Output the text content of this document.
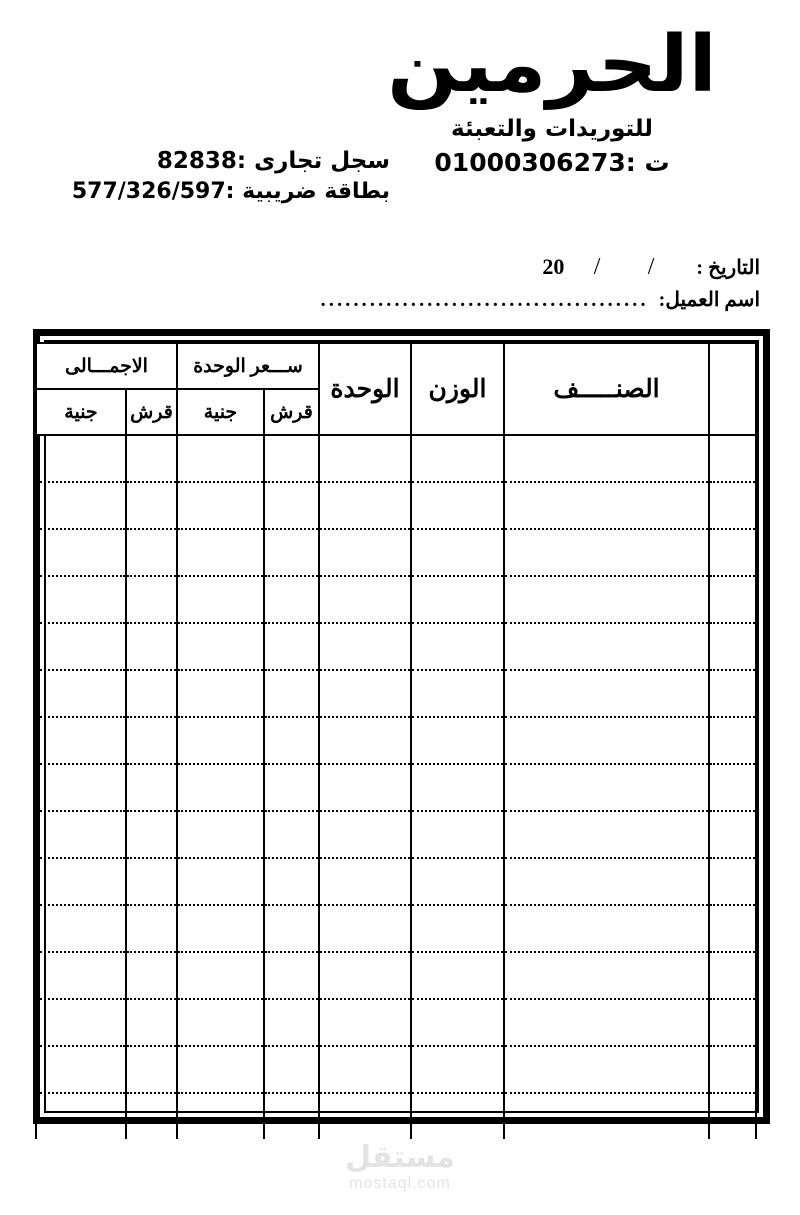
الحرمين
للتوريدات والتعبئة
ت :01000306273
سجل تجارى :82838
بطاقة ضريبية :577/326/597
التاريخ :
\
\
20
اسم العميل:
........................................
	الصنـــــف	الوزن	الوحدة	ســـعر الوحدة		الاجمـــالى	
				قرش	جنية	قرش	جنية

مستقل
mostaql.com
